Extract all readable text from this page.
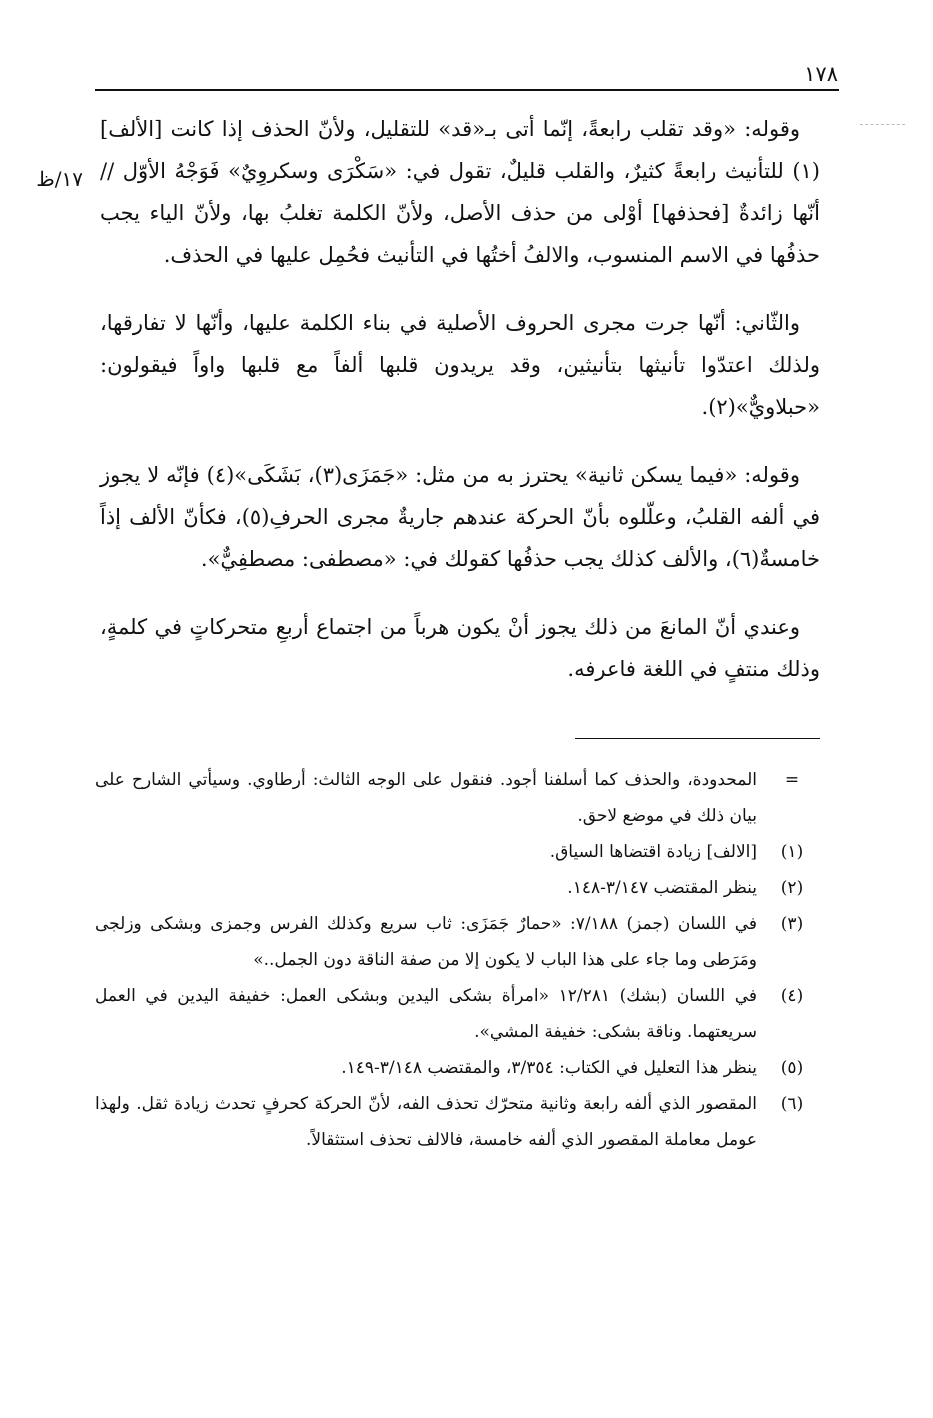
١٧٨
١٧/ظ

وقوله: «وقد تقلب رابعةً، إنّما أتى بـ«قد» للتقليل، ولأنّ الحذف إذا كانت [الألف](١) للتأنيث رابعةً كثيرٌ، والقلب قليلٌ، تقول في: «سَكْرَى وسكروِيٌ» فَوَجْهُ الأوّل // أنّها زائدةٌ [فحذفها] أوْلى من حذف الأصل، ولأنّ الكلمة تغلبُ بها، ولأنّ الياء يجب حذفُها في الاسم المنسوب، والالفُ أختُها في التأنيث فحُمِل عليها في الحذف.

والثّاني: أنّها جرت مجرى الحروف الأصلية في بناء الكلمة عليها، وأنّها لا تفارقها، ولذلك اعتدّوا تأنيثها بتأنيثين، وقد يريدون قلبها ألفاً مع قلبها واواً فيقولون: «حبلاويٌّ»(٢).

وقوله: «فيما يسكن ثانية» يحترز به من مثل: «جَمَزَى(٣)، بَشَكَى»(٤) فإنّه لا يجوز في ألفه القلبُ، وعلّلوه بأنّ الحركة عندهم جاريةٌ مجرى الحرفِ(٥)، فكأنّ الألف إذاً خامسةٌ(٦)، والألف كذلك يجب حذفُها كقولك في: «مصطفى: مصطفِيٌّ».

وعندي أنّ المانعَ من ذلك يجوز أنْ يكون هرباً من اجتماع أربعِ متحركاتٍ في كلمةٍ، وذلك منتفٍ في اللغة فاعرفه.

=
المحدودة، والحذف كما أسلفنا أجود. فنقول على الوجه الثالث: أرطاوي. وسيأتي الشارح على بيان ذلك في موضع لاحق.
(١)
[الالف] زيادة اقتضاها السياق.
(٢)
ينظر المقتضب ٣/١٤٧-١٤٨.
(٣)
في اللسان (جمز) ٧/١٨٨: «حمارٌ جَمَزَى: ثاب سريع وكذلك الفرس وجمزى وبشكى وزلجى ومَرَطى وما جاء على هذا الباب لا يكون إلا من صفة الناقة دون الجمل..»
(٤)
في اللسان (بشك) ١٢/٢٨١ «امرأة بشكى اليدين وبشكى العمل: خفيفة اليدين في العمل سريعتهما. وناقة بشكى: خفيفة المشي».
(٥)
ينظر هذا التعليل في الكتاب: ٣/٣٥٤، والمقتضب ٣/١٤٨-١٤٩.
(٦)
المقصور الذي ألفه رابعة وثانية متحرّك تحذف الفه، لأنّ الحركة كحرفٍ تحدث زيادة ثقل. ولهذا عومل معاملة المقصور الذي ألفه خامسة، فالالف تحذف استثقالاً.
